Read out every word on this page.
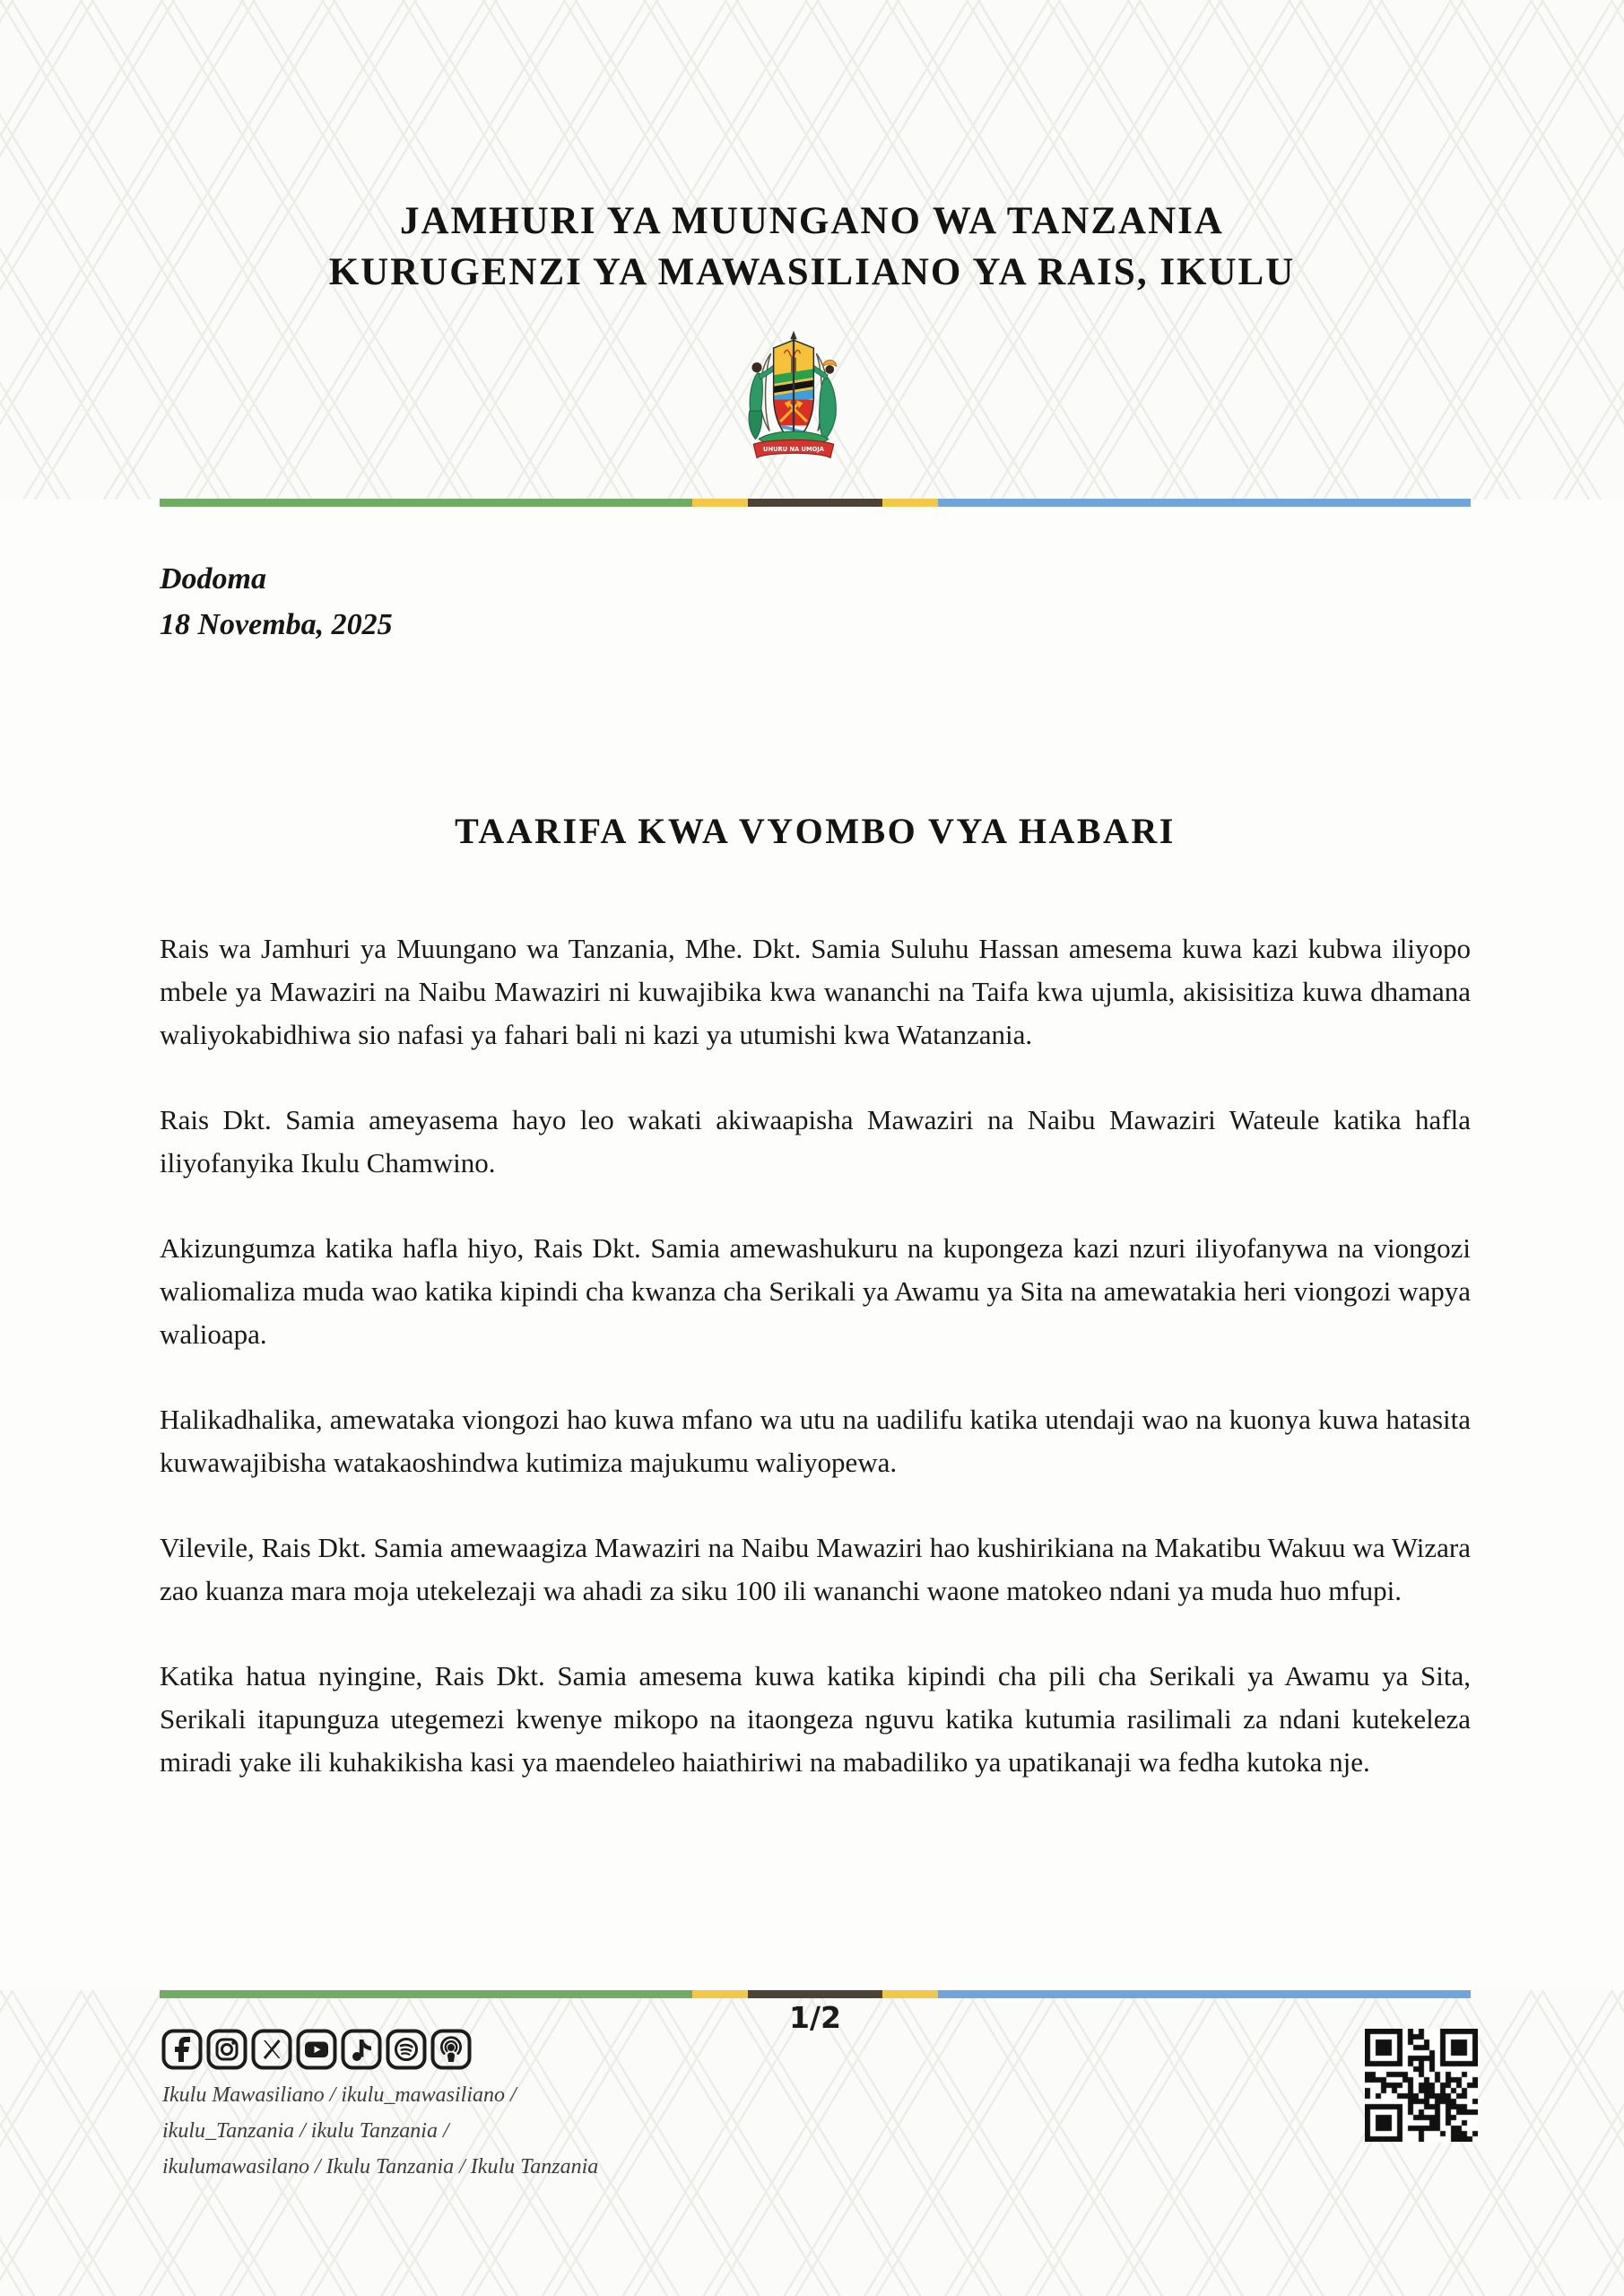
JAMHURI YA MUUNGANO WA TANZANIA
KURUGENZI YA MAWASILIANO YA RAIS, IKULU
UHURU NA UMOJA
Dodoma
18 Novemba, 2025
TAARIFA KWA VYOMBO VYA HABARI

Rais wa Jamhuri ya Muungano wa Tanzania, Mhe. Dkt. Samia Suluhu Hassan amesema kuwa kazi kubwa iliyopo mbele ya Mawaziri na Naibu Mawaziri ni kuwajibika kwa wananchi na Taifa kwa ujumla, akisisitiza kuwa dhamana waliyokabidhiwa sio nafasi ya fahari bali ni kazi ya utumishi kwa Watanzania.

Rais Dkt. Samia ameyasema hayo leo wakati akiwaapisha Mawaziri na Naibu Mawaziri Wateule katika hafla iliyofanyika Ikulu Chamwino.

Akizungumza katika hafla hiyo, Rais Dkt. Samia amewashukuru na kupongeza kazi nzuri iliyofanywa na viongozi waliomaliza muda wao katika kipindi cha kwanza cha Serikali ya Awamu ya Sita na amewatakia heri viongozi wapya walioapa.

Halikadhalika, amewataka viongozi hao kuwa mfano wa utu na uadilifu katika utendaji wao na kuonya kuwa hatasita kuwawajibisha watakaoshindwa kutimiza majukumu waliyopewa.

Vilevile, Rais Dkt. Samia amewaagiza Mawaziri na Naibu Mawaziri hao kushirikiana na Makatibu Wakuu wa Wizara zao kuanza mara moja utekelezaji wa ahadi za siku 100 ili wananchi waone matokeo ndani ya muda huo mfupi.

Katika hatua nyingine, Rais Dkt. Samia amesema kuwa katika kipindi cha pili cha Serikali ya Awamu ya Sita, Serikali itapunguza utegemezi kwenye mikopo na itaongeza nguvu katika kutumia rasilimali za ndani kutekeleza miradi yake ili kuhakikisha kasi ya maendeleo haiathiriwi na mabadiliko ya upatikanaji wa fedha kutoka nje.

1/2
Ikulu Mawasiliano / ikulu_mawasiliano /
ikulu_Tanzania / ikulu Tanzania /
ikulumawasilano / Ikulu Tanzania / Ikulu Tanzania
